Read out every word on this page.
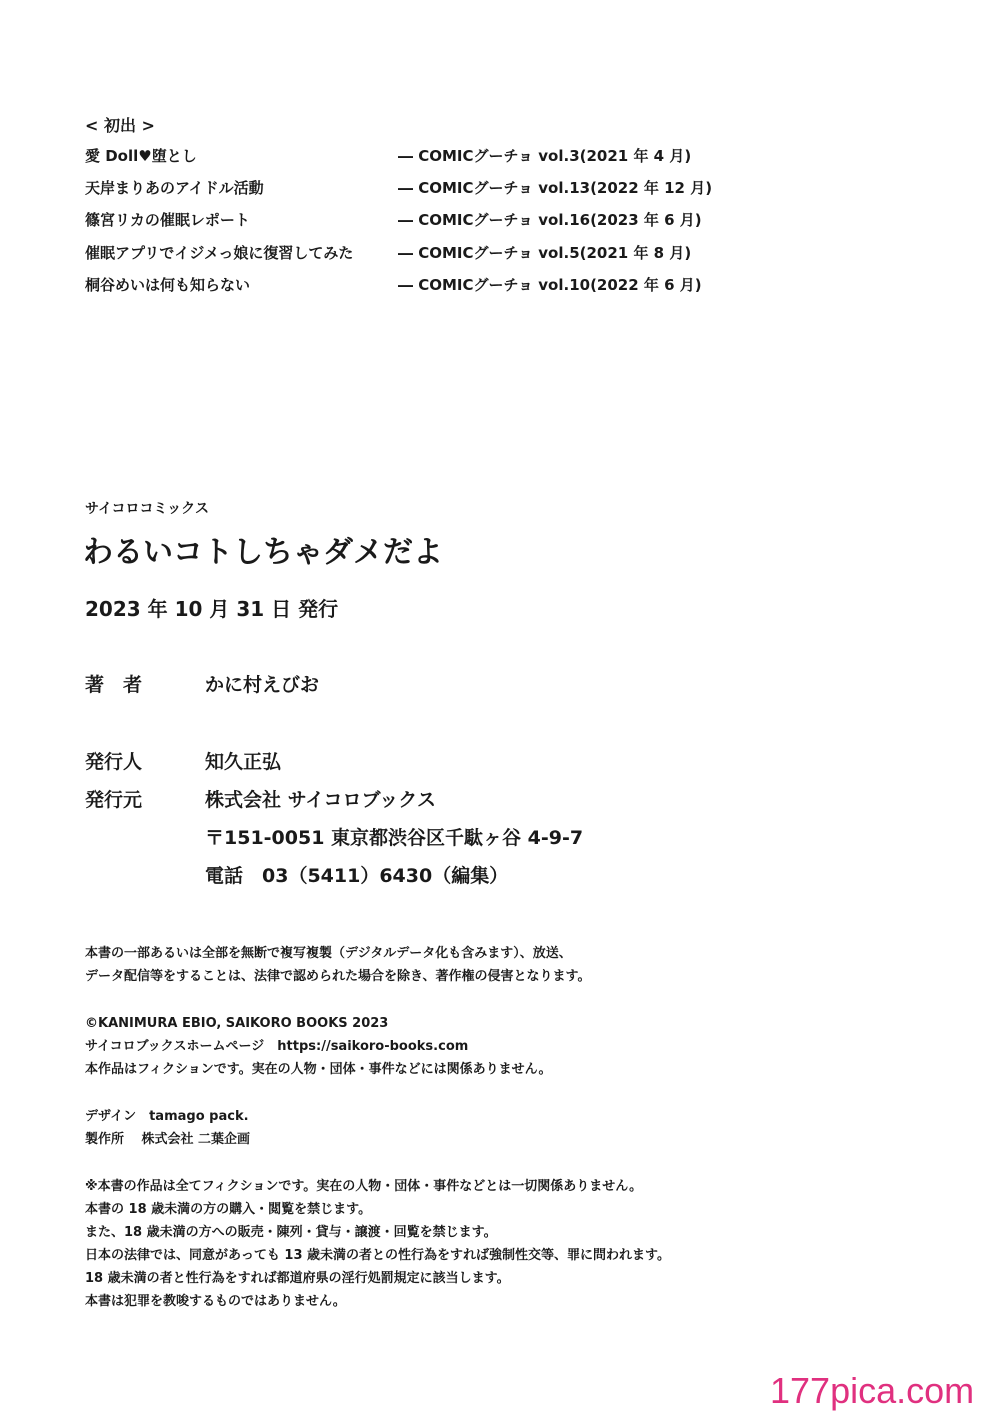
< 初出 >
愛 Doll♥堕とし	― COMICグーチョ vol.3(2021 年 4 月)
天岸まりあのアイドル活動	― COMICグーチョ vol.13(2022 年 12 月)
篠宮リカの催眠レポート	― COMICグーチョ vol.16(2023 年 6 月)
催眠アプリでイジメっ娘に復習してみた	― COMICグーチョ vol.5(2021 年 8 月)
桐谷めいは何も知らない	― COMICグーチョ vol.10(2022 年 6 月)
サイコロコミックス
わるいコトしちゃダメだよ
2023 年 10 月 31 日 発行
著　者	かに村えびお
発行人	知久正弘
発行元	株式会社 サイコロブックス
〒151-0051 東京都渋谷区千駄ヶ谷 4-9-7
電話　03（5411）6430（編集）
本書の一部あるいは全部を無断で複写複製（デジタルデータ化も含みます）、放送、
データ配信等をすることは、法律で認められた場合を除き、著作権の侵害となります。
©KANIMURA EBIO, SAIKORO BOOKS 2023
サイコロブックスホームページ　https://saikoro-books.com
本作品はフィクションです。実在の人物・団体・事件などには関係ありません。
デザイン　tamago pack.
製作所　 株式会社 二葉企画
※本書の作品は全てフィクションです。実在の人物・団体・事件などとは一切関係ありません。
本書の 18 歳未満の方の購入・閲覧を禁じます。
また、18 歳未満の方への販売・陳列・貸与・譲渡・回覧を禁じます。
日本の法律では、同意があっても 13 歳未満の者との性行為をすれば強制性交等、罪に問われます。
18 歳未満の者と性行為をすれば都道府県の淫行処罰規定に該当します。
本書は犯罪を教唆するものではありません。
177pica.com
